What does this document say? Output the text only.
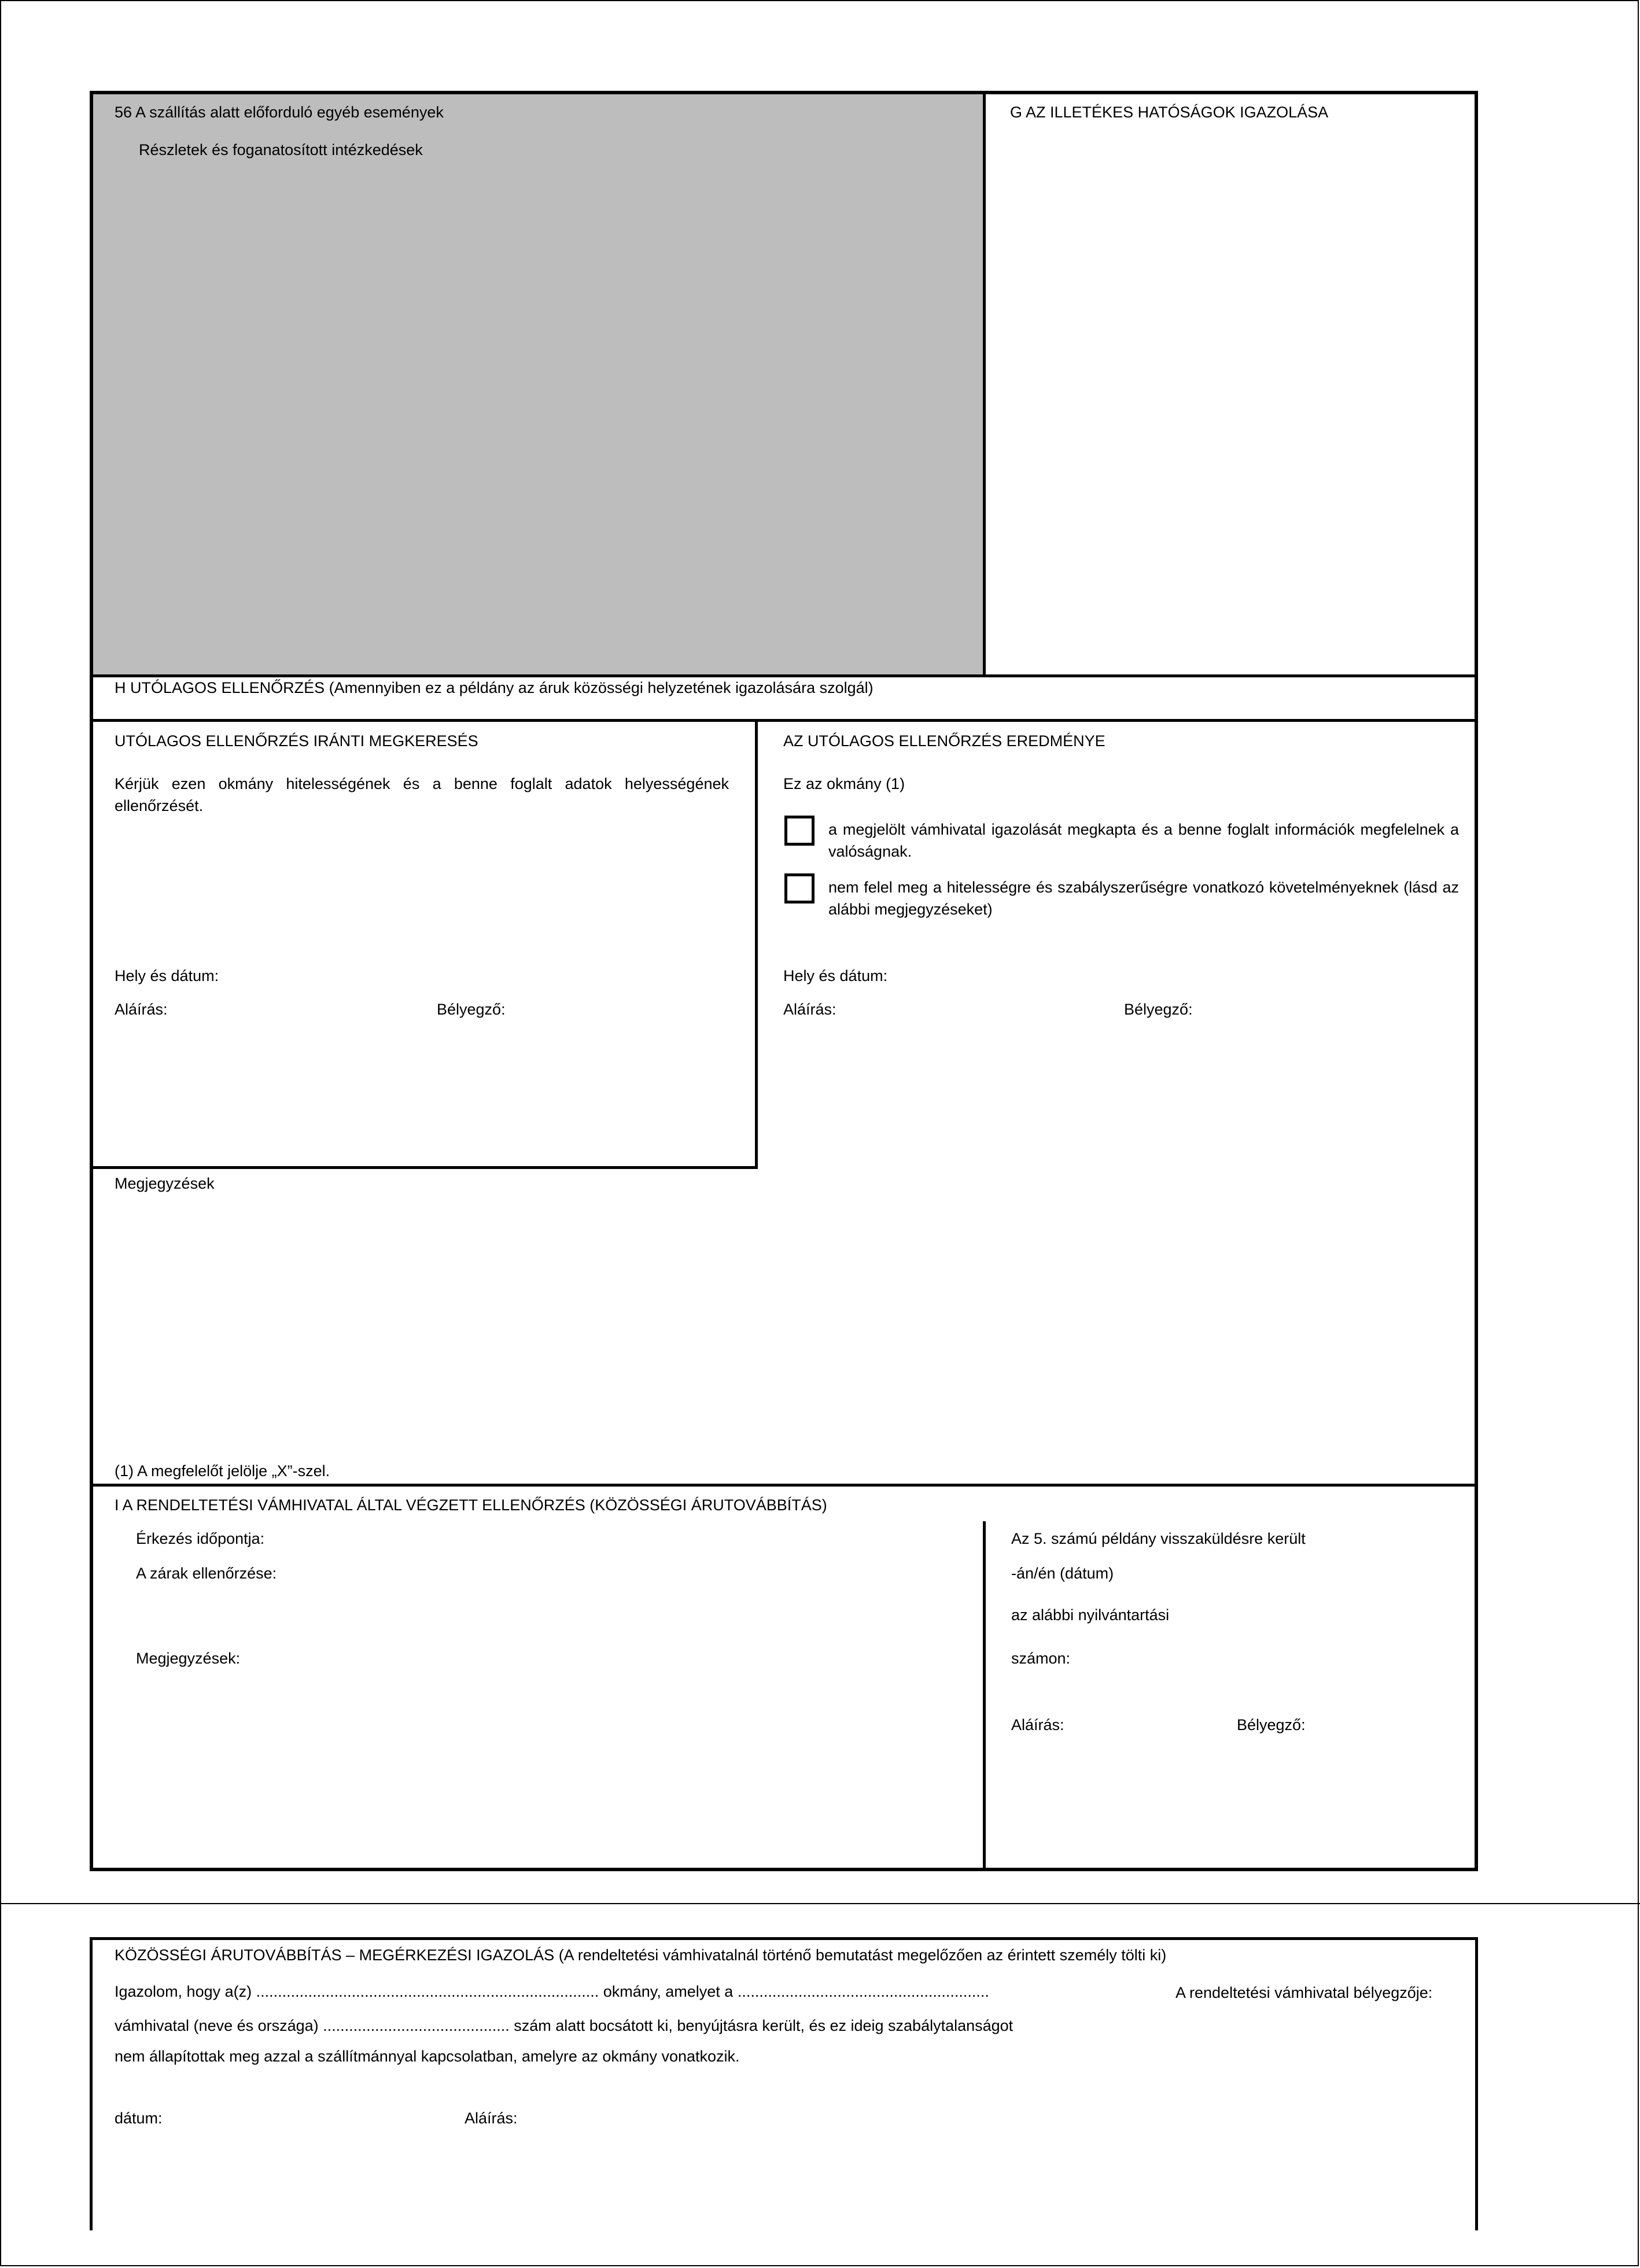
56 A szállítás alatt előforduló egyéb események
Részletek és foganatosított intézkedések
G AZ ILLETÉKES HATÓSÁGOK IGAZOLÁSA
H UTÓLAGOS ELLENŐRZÉS (Amennyiben ez a példány az áruk közösségi helyzetének igazolására szolgál)
UTÓLAGOS ELLENŐRZÉS IRÁNTI MEGKERESÉS
Kérjük ezen okmány hitelességének és a benne foglalt adatok helyességének ellenőrzését.
Hely és dátum:
Aláírás:	Bélyegző:
AZ UTÓLAGOS ELLENŐRZÉS EREDMÉNYE
Ez az okmány (1)
a megjelölt vámhivatal igazolását megkapta és a benne foglalt információk megfelelnek a valóságnak.
nem felel meg a hitelességre és szabályszerűségre vonatkozó követelményeknek (lásd az alábbi megjegyzéseket)
Hely és dátum:
Aláírás:	Bélyegző:
Megjegyzések
(1) A megfelelőt jelölje „X”-szel.
I A RENDELTETÉSI VÁMHIVATAL ÁLTAL VÉGZETT ELLENŐRZÉS (KÖZÖSSÉGI ÁRUTOVÁBBÍTÁS)
Érkezés időpontja:
A zárak ellenőrzése:
Megjegyzések:
Az 5. számú példány visszaküldésre került
-án/én (dátum)
az alábbi nyilvántartási
számon:
Aláírás:	Bélyegző:
KÖZÖSSÉGI ÁRUTOVÁBBÍTÁS – MEGÉRKEZÉSI IGAZOLÁS (A rendeltetési vámhivatalnál történő bemutatást megelőzően az érintett személy tölti ki)
Igazolom, hogy a(z) ............................................................................... okmány, amelyet a ..........................................................	A rendeltetési vámhivatal bélyegzője:
vámhivatal (neve és országa) ........................................... szám alatt bocsátott ki, benyújtásra került, és ez ideig szabálytalanságot
nem állapítottak meg azzal a szállítmánnyal kapcsolatban, amelyre az okmány vonatkozik.
dátum:	Aláírás:
